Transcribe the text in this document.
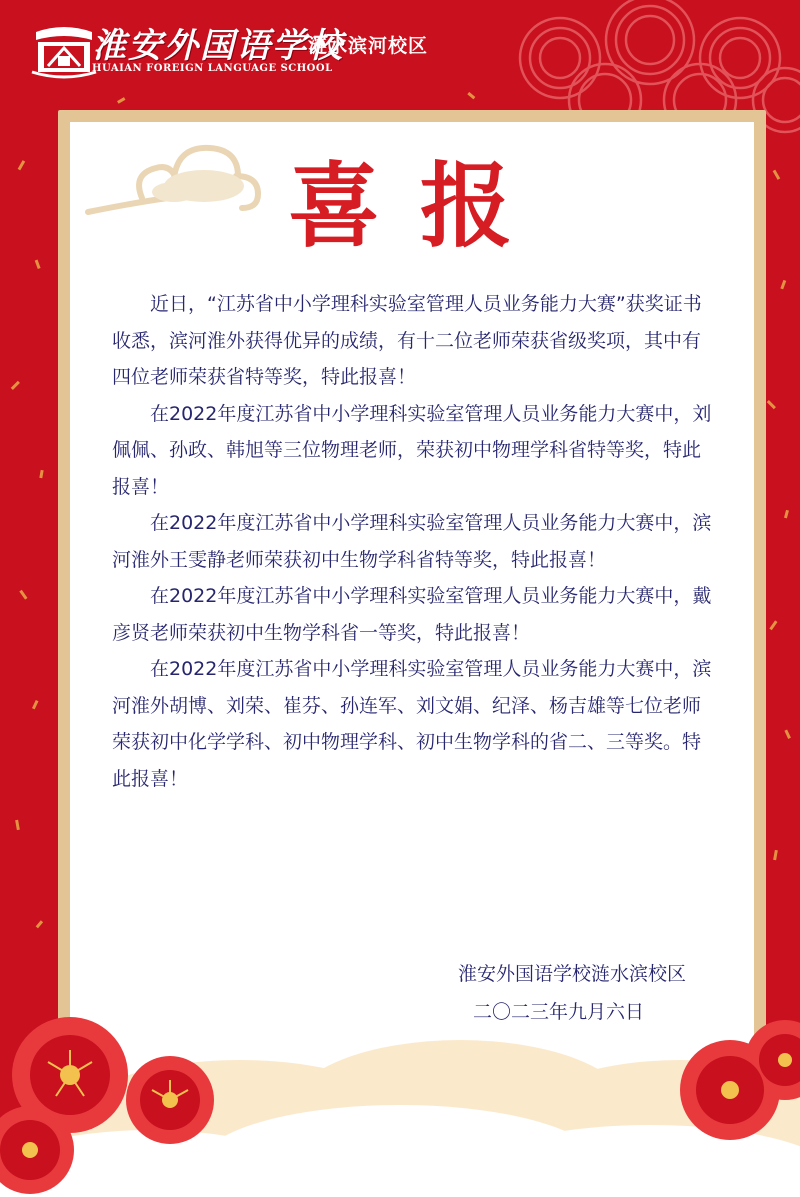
淮安外国语学校
涟水滨河校区
HUAIAN FOREIGN LANGUAGE SCHOOL
喜报

近日，“江苏省中小学理科实验室管理人员业务能力大赛”获奖证书收悉，滨河淮外获得优异的成绩，有十二位老师荣获省级奖项，其中有四位老师荣获省特等奖，特此报喜！

在2022年度江苏省中小学理科实验室管理人员业务能力大赛中，刘佩佩、孙政、韩旭等三位物理老师，荣获初中物理学科省特等奖，特此报喜！

在2022年度江苏省中小学理科实验室管理人员业务能力大赛中，滨河淮外王雯静老师荣获初中生物学科省特等奖，特此报喜！

在2022年度江苏省中小学理科实验室管理人员业务能力大赛中，戴彦贤老师荣获初中生物学科省一等奖，特此报喜！

在2022年度江苏省中小学理科实验室管理人员业务能力大赛中，滨河淮外胡博、刘荣、崔芬、孙连军、刘文娟、纪泽、杨吉雄等七位老师荣获初中化学学科、初中物理学科、初中生物学科的省二、三等奖。特此报喜！

淮安外国语学校涟水滨校区
二〇二三年九月六日
